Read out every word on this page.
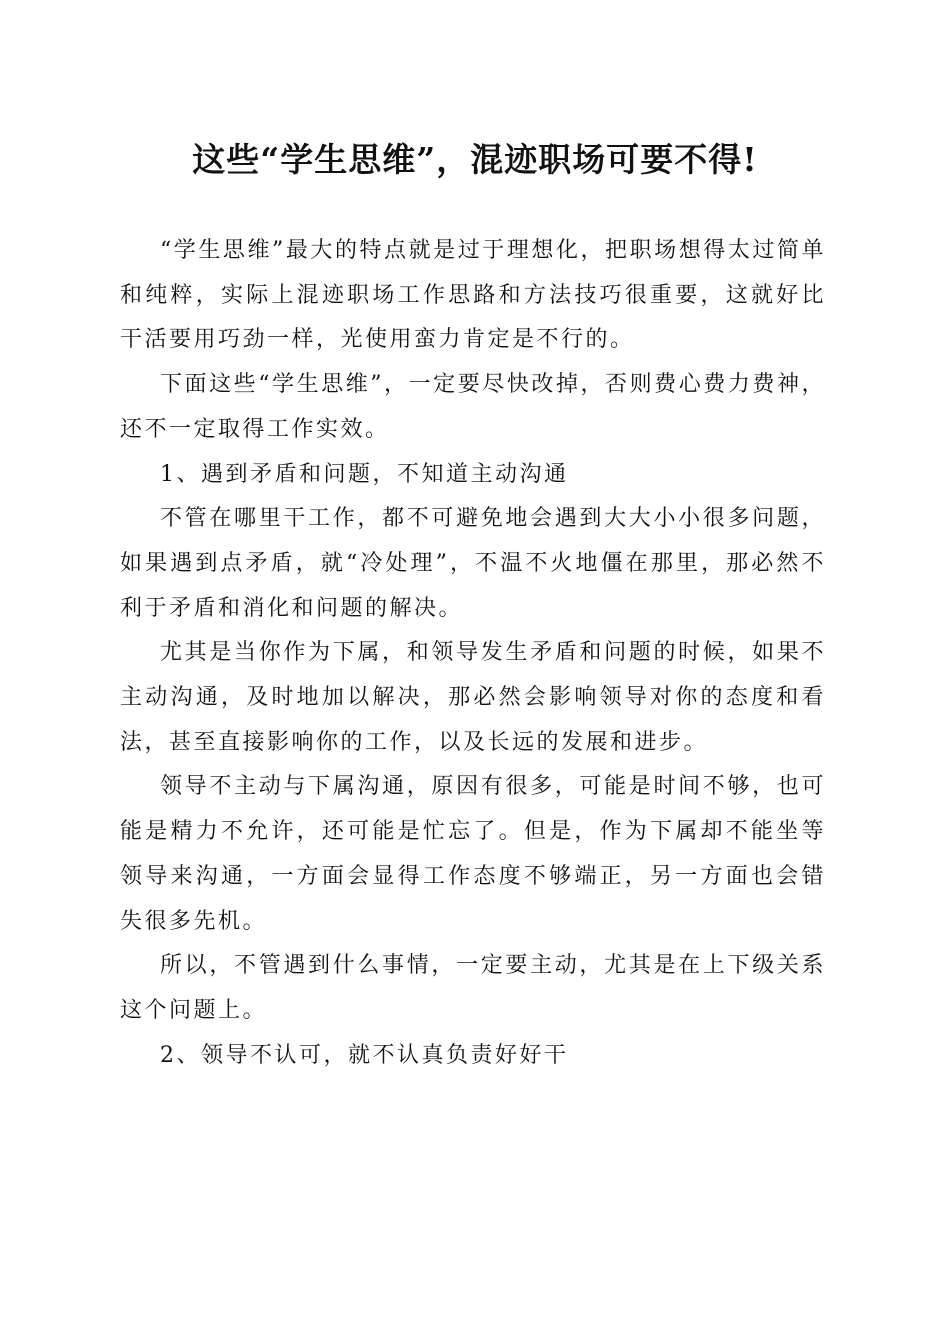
这些“学生思维”，混迹职场可要不得!

“学生思维”最大的特点就是过于理想化，把职场想得太过简单和纯粹，实际上混迹职场工作思路和方法技巧很重要，这就好比干活要用巧劲一样，光使用蛮力肯定是不行的。

下面这些“学生思维”，一定要尽快改掉，否则费心费力费神，还不一定取得工作实效。

1、遇到矛盾和问题，不知道主动沟通

不管在哪里干工作，都不可避免地会遇到大大小小很多问题，如果遇到点矛盾，就“冷处理”，不温不火地僵在那里，那必然不利于矛盾和消化和问题的解决。

尤其是当你作为下属，和领导发生矛盾和问题的时候，如果不主动沟通，及时地加以解决，那必然会影响领导对你的态度和看法，甚至直接影响你的工作，以及长远的发展和进步。

领导不主动与下属沟通，原因有很多，可能是时间不够，也可能是精力不允许，还可能是忙忘了。但是，作为下属却不能坐等领导来沟通，一方面会显得工作态度不够端正，另一方面也会错失很多先机。

所以，不管遇到什么事情，一定要主动，尤其是在上下级关系这个问题上。

2、领导不认可，就不认真负责好好干
